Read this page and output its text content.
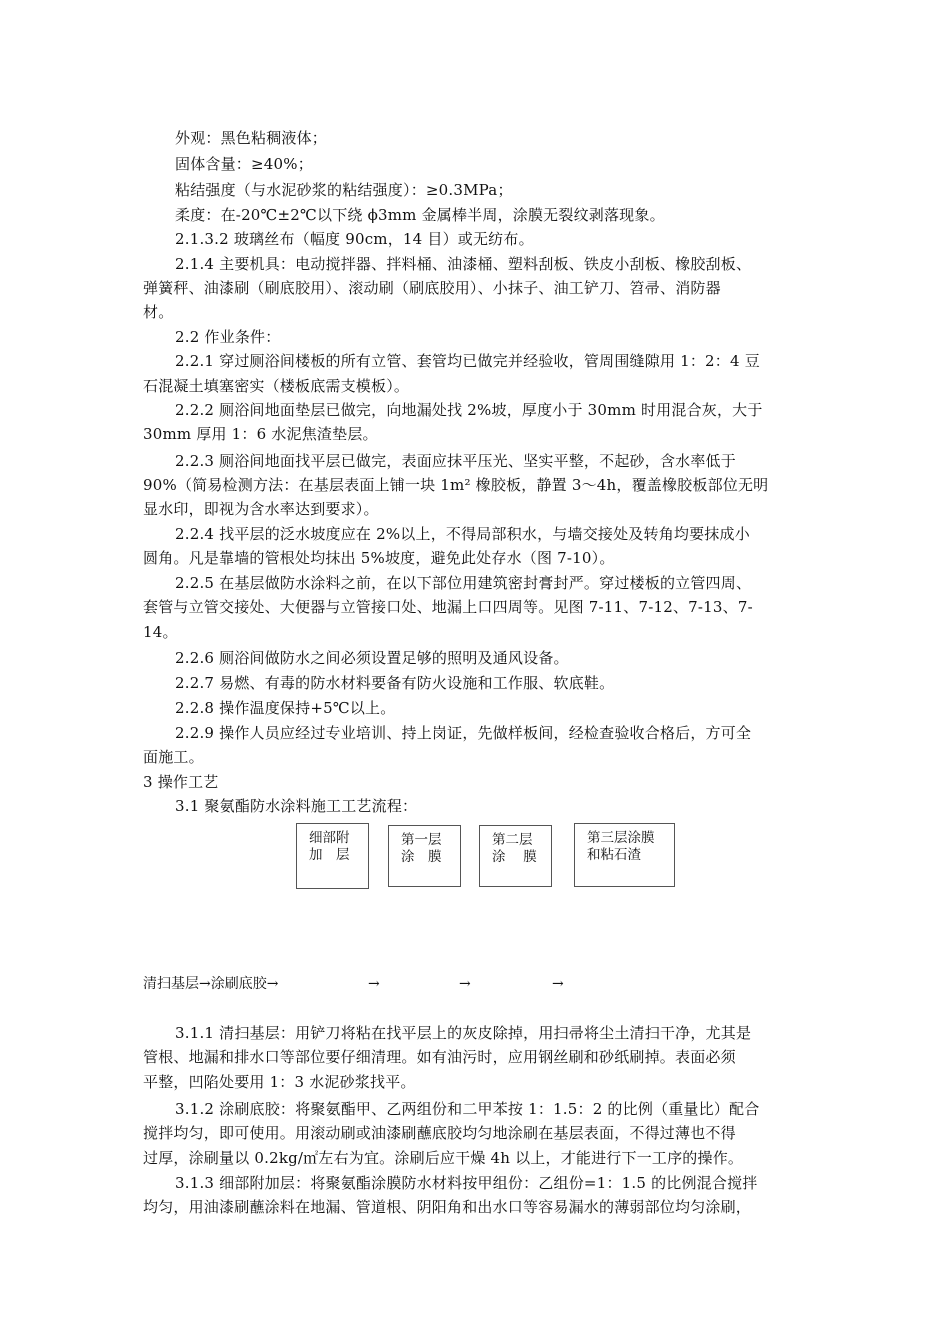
外观：黑色粘稠液体；
固体含量：≥40%；
粘结强度（与水泥砂浆的粘结强度）：≥0.3MPa；
柔度：在-20℃±2℃以下绕 ϕ3mm 金属棒半周，涂膜无裂纹剥落现象。
2.1.3.2 玻璃丝布（幅度 90cm，14 目）或无纺布。
2.1.4 主要机具：电动搅拌器、拌料桶、油漆桶、塑料刮板、铁皮小刮板、橡胶刮板、
弹簧秤、油漆刷（刷底胶用）、滚动刷（刷底胶用）、小抹子、油工铲刀、笤帚、消防器
材。
2.2 作业条件：
2.2.1 穿过厕浴间楼板的所有立管、套管均已做完并经验收，管周围缝隙用 1：2：4 豆
石混凝土填塞密实（楼板底需支模板）。
2.2.2 厕浴间地面垫层已做完，向地漏处找 2%坡，厚度小于 30mm 时用混合灰，大于
30mm 厚用 1：6 水泥焦渣垫层。
2.2.3 厕浴间地面找平层已做完，表面应抹平压光、坚实平整，不起砂，含水率低于
90%（简易检测方法：在基层表面上铺一块 1m² 橡胶板，静置 3～4h，覆盖橡胶板部位无明
显水印，即视为含水率达到要求）。
2.2.4 找平层的泛水坡度应在 2%以上，不得局部积水，与墙交接处及转角均要抹成小
圆角。凡是靠墙的管根处均抹出 5%坡度，避免此处存水（图 7-10）。
2.2.5 在基层做防水涂料之前，在以下部位用建筑密封膏封严。穿过楼板的立管四周、
套管与立管交接处、大便器与立管接口处、地漏上口四周等。见图 7-11、7-12、7-13、7-
14。
2.2.6 厕浴间做防水之间必须设置足够的照明及通风设备。
2.2.7 易燃、有毒的防水材料要备有防火设施和工作服、软底鞋。
2.2.8 操作温度保持+5℃以上。
2.2.9 操作人员应经过专业培训、持上岗证，先做样板间，经检查验收合格后，方可全
面施工。
3 操作工艺
3.1 聚氨酯防水涂料施工工艺流程：
细部附
加　层
第一层
涂　膜
第二层
涂　 膜
第三层涂膜
和粘石渣
清扫基层→涂刷底胶→	→	→	→
3.1.1 清扫基层：用铲刀将粘在找平层上的灰皮除掉，用扫帚将尘土清扫干净，尤其是
管根、地漏和排水口等部位要仔细清理。如有油污时，应用钢丝刷和砂纸刷掉。表面必须
平整，凹陷处要用 1：3 水泥砂浆找平。
3.1.2 涂刷底胶：将聚氨酯甲、乙两组份和二甲苯按 1：1.5：2 的比例（重量比）配合
搅拌均匀，即可使用。用滚动刷或油漆刷蘸底胶均匀地涂刷在基层表面，不得过薄也不得
过厚，涂刷量以 0.2kg/㎡左右为宜。涂刷后应干燥 4h 以上，才能进行下一工序的操作。
3.1.3 细部附加层：将聚氨酯涂膜防水材料按甲组份：乙组份=1：1.5 的比例混合搅拌
均匀，用油漆刷蘸涂料在地漏、管道根、阴阳角和出水口等容易漏水的薄弱部位均匀涂刷，
